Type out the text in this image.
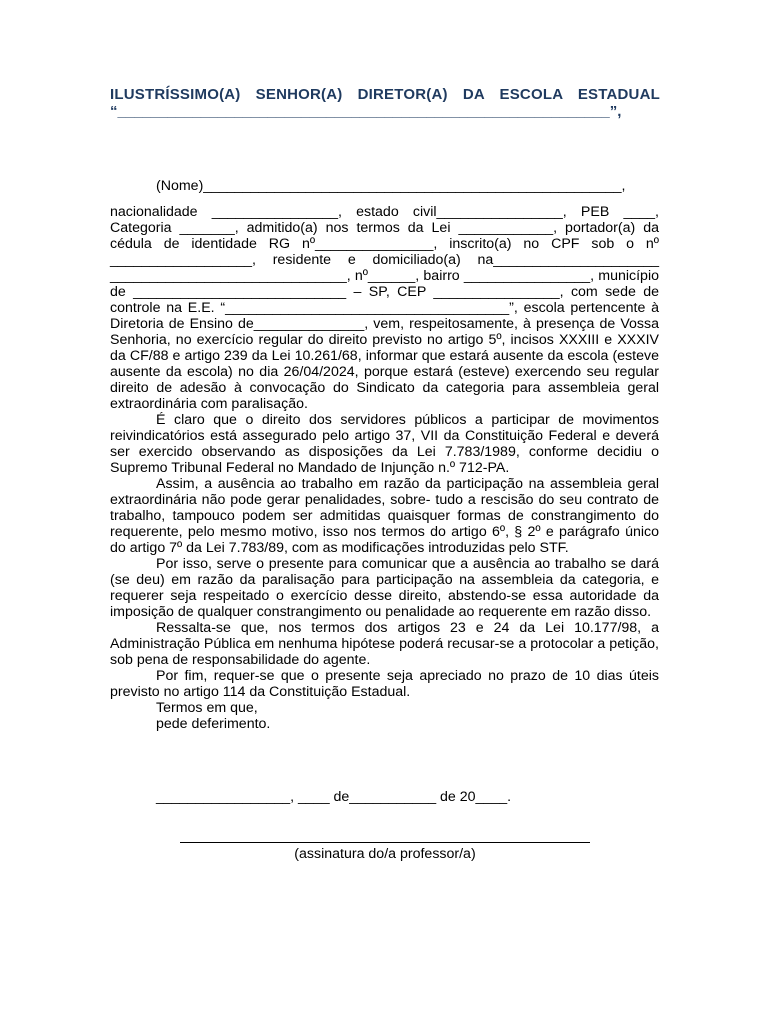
ILUSTRÍSSIMO(A) SENHOR(A) DIRETOR(A) DA ESCOLA ESTADUAL
“___________________________________________________________”,

(Nome)_____________________________________________________,

nacionalidade ________________, estado civil________________, PEB ____, Categoria _______, admitido(a) nos termos da Lei ____________, portador(a) da cédula de identidade RG nº_______________, inscrito(a) no CPF sob o nº __________________, residente e domiciliado(a) na_____________________ ______________________________, nº______, bairro ________________, município de ___________________________ – SP, CEP ________________, com sede de controle na E.E. “____________________________________”, escola pertencente à Diretoria de Ensino de______________, vem, respeitosamente, à presença de Vossa Senhoria, no exercício regular do direito previsto no artigo 5º, incisos XXXIII e XXXIV da CF/88 e artigo 239 da Lei 10.261/68, informar que estará ausente da escola (esteve ausente da escola) no dia 26/04/2024, porque estará (esteve) exercendo seu regular direito de adesão à convocação do Sindicato da categoria para assembleia geral extraordinária com paralisação.

É claro que o direito dos servidores públicos a participar de movimentos reivindicatórios está assegurado pelo artigo 37, VII da Constituição Federal e deverá ser exercido observando as disposições da Lei 7.783/1989, conforme decidiu o Supremo Tribunal Federal no Mandado de Injunção n.º 712-PA.

Assim, a ausência ao trabalho em razão da participação na assembleia geral extraordinária não pode gerar penalidades, sobre- tudo a rescisão do seu contrato de trabalho, tampouco podem ser admitidas quaisquer formas de constrangimento do requerente, pelo mesmo motivo, isso nos termos do artigo 6º, § 2º e parágrafo único do artigo 7º da Lei 7.783/89, com as modificações introduzidas pelo STF.

Por isso, serve o presente para comunicar que a ausência ao trabalho se dará (se deu) em razão da paralisação para participação na assembleia da categoria, e requerer seja respeitado o exercício desse direito, abstendo-se essa autoridade da imposição de qualquer constrangimento ou penalidade ao requerente em razão disso.

Ressalta-se que, nos termos dos artigos 23 e 24 da Lei 10.177/98, a Administração Pública em nenhuma hipótese poderá recusar-se a protocolar a petição, sob pena de responsabilidade do agente.

Por fim, requer-se que o presente seja apreciado no prazo de 10 dias úteis previsto no artigo 114 da Constituição Estadual.

Termos em que,

pede deferimento.

_________________, ____ de___________ de 20____.
(assinatura do/a professor/a)
